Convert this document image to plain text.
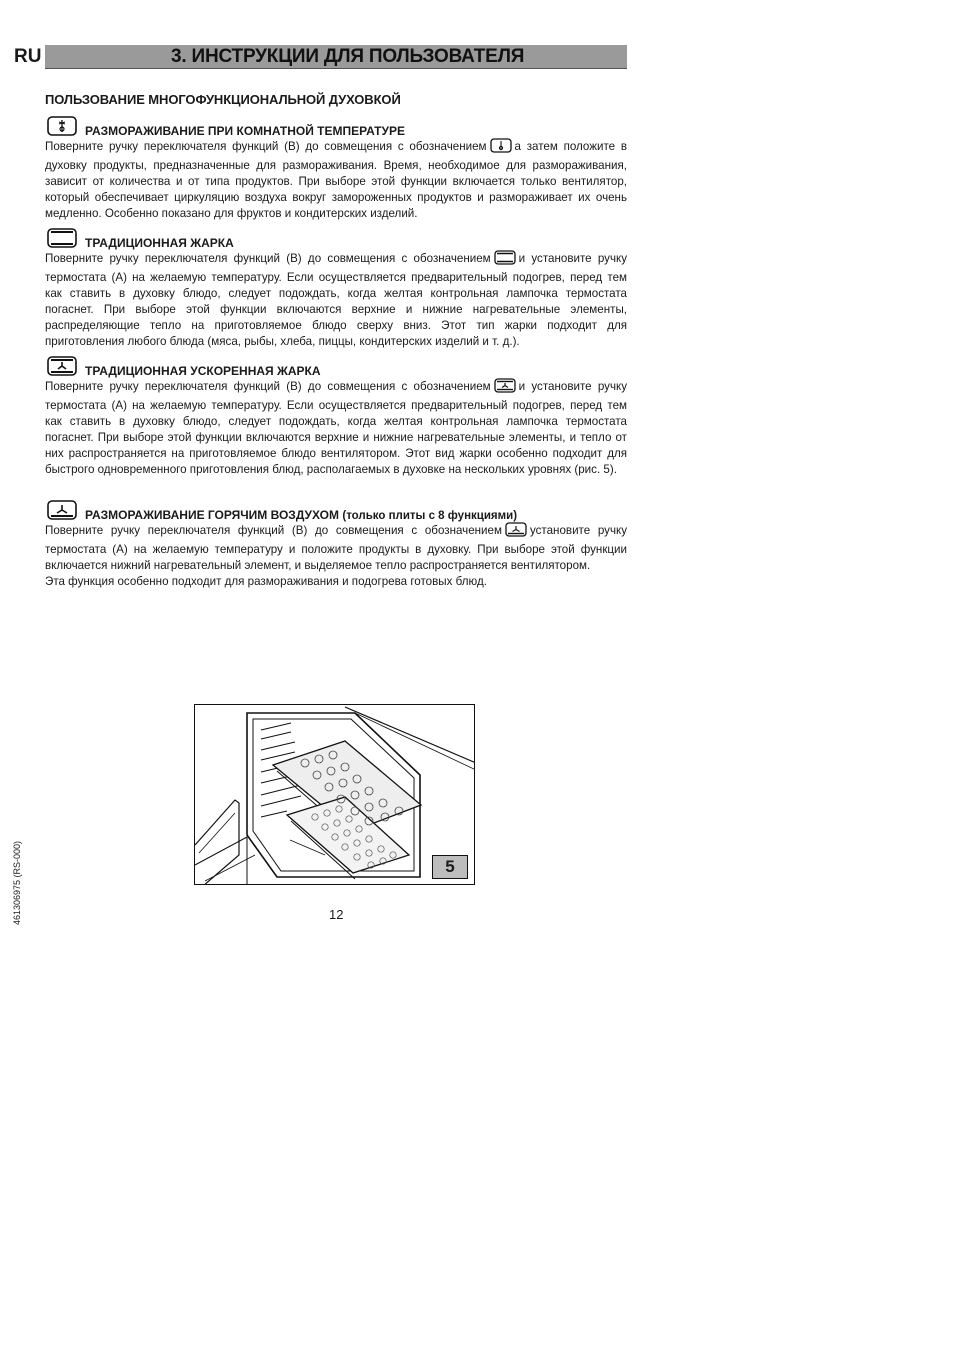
RU	3. ИНСТРУКЦИИ ДЛЯ ПОЛЬЗОВАТЕЛЯ
ПОЛЬЗОВАНИЕ МНОГОФУНКЦИОНАЛЬНОЙ ДУХОВКОЙ
РАЗМОРАЖИВАНИЕ ПРИ КОМНАТНОЙ ТЕМПЕРАТУРЕ

Поверните ручку переключателя функций (В) до совмещения с обозначением а затем положите в духовку продукты, предназначенные для размораживания. Время, необходимое для размораживания, зависит от количества и от типа продуктов. При выборе этой функции включается только вентилятор, который обеспечивает циркуляцию воздуха вокруг замороженных продуктов и размораживает их очень медленно. Особенно показано для фруктов и кондитерских изделий.

ТРАДИЦИОННАЯ ЖАРКА

Поверните ручку переключателя функций (В) до совмещения с обозначением и установите ручку термостата (А) на желаемую температуру. Если осуществляется предварительный подогрев, перед тем как ставить в духовку блюдо, следует подождать, когда желтая контрольная лампочка термостата погаснет. При выборе этой функции включаются верхние и нижние нагревательные элементы, распределяющие тепло на приготовляемое блюдо сверху вниз. Этот тип жарки подходит для приготовления любого блюда (мяса, рыбы, хлеба, пиццы, кондитерских изделий и т. д.).

ТРАДИЦИОННАЯ УСКОРЕННАЯ ЖАРКА

Поверните ручку переключателя функций (В) до совмещения с обозначением и установите ручку термостата (А) на желаемую температуру. Если осуществляется предварительный подогрев, перед тем как ставить в духовку блюдо, следует подождать, когда желтая контрольная лампочка термостата погаснет. При выборе этой функции включаются верхние и нижние нагревательные элементы, и тепло от них распространяется на приготовляемое блюдо вентилятором. Этот вид жарки особенно подходит для быстрого одновременного приготовления блюд, располагаемых в духовке на нескольких уровнях (рис. 5).

РАЗМОРАЖИВАНИЕ ГОРЯЧИМ ВОЗДУХОМ (только плиты с 8 функциями)

Поверните ручку переключателя функций (В) до совмещения с обозначением установите ручку термостата (А) на желаемую температуру и положите продукты в духовку. При выборе этой функции включается нижний нагревательный элемент, и выделяемое тепло распространяется вентилятором.

Эта функция особенно подходит для размораживания и подогрева готовых блюд.

5
12
461306975 (RS-000)
